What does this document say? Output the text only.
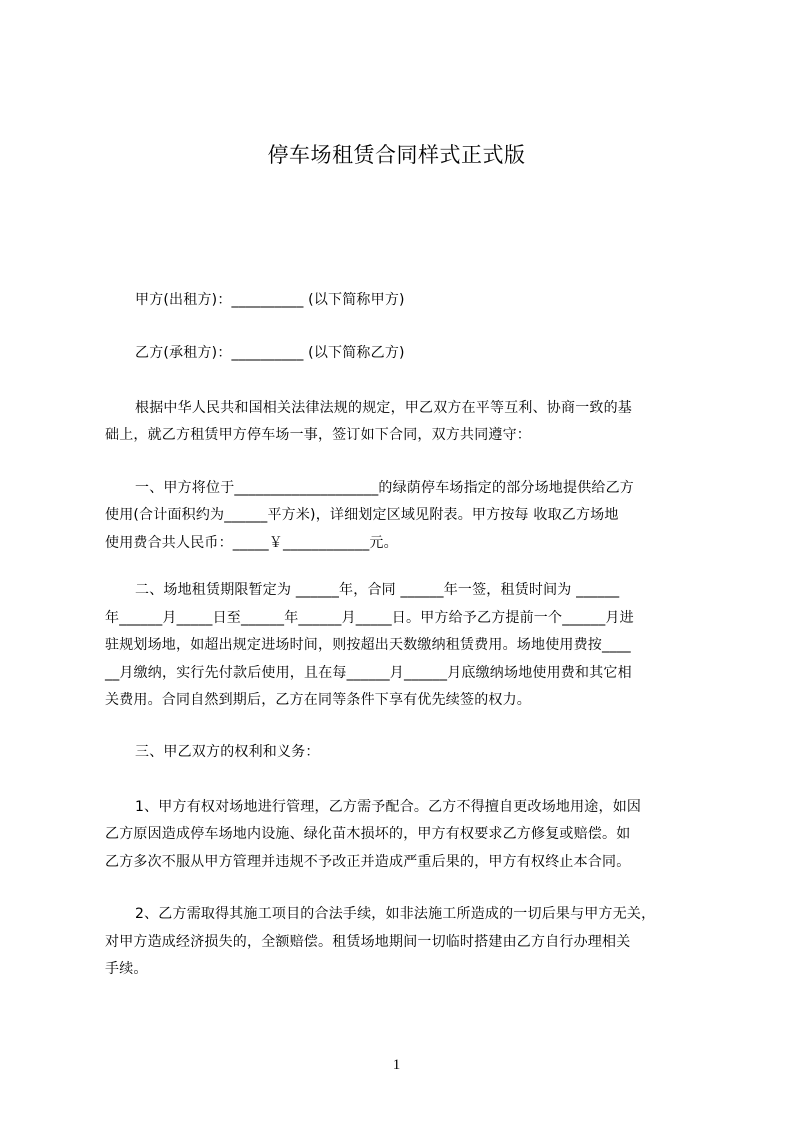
停车场租赁合同样式正式版
甲方(出租方)：__________ (以下简称甲方)
乙方(承租方)：__________ (以下简称乙方)
根据中华人民共和国相关法律法规的规定，甲乙双方在平等互利、协商一致的基
础上，就乙方租赁甲方停车场一事，签订如下合同，双方共同遵守：
一、甲方将位于____________________的绿荫停车场指定的部分场地提供给乙方
使用(合计面积约为______平方米)，详细划定区域见附表。甲方按每 收取乙方场地
使用费合共人民币：_____￥____________元。
二、场地租赁期限暂定为 ______年，合同 ______年一签，租赁时间为 ______
年______月_____日至______年______月_____日。甲方给予乙方提前一个______月进
驻规划场地，如超出规定进场时间，则按超出天数缴纳租赁费用。场地使用费按____
__月缴纳，实行先付款后使用，且在每______月______月底缴纳场地使用费和其它相
关费用。合同自然到期后，乙方在同等条件下享有优先续签的权力。
三、甲乙双方的权利和义务：
1、甲方有权对场地进行管理，乙方需予配合。乙方不得擅自更改场地用途，如因
乙方原因造成停车场地内设施、绿化苗木损坏的，甲方有权要求乙方修复或赔偿。如
乙方多次不服从甲方管理并违规不予改正并造成严重后果的，甲方有权终止本合同。
2、乙方需取得其施工项目的合法手续，如非法施工所造成的一切后果与甲方无关，
对甲方造成经济损失的，全额赔偿。租赁场地期间一切临时搭建由乙方自行办理相关
手续。
1
